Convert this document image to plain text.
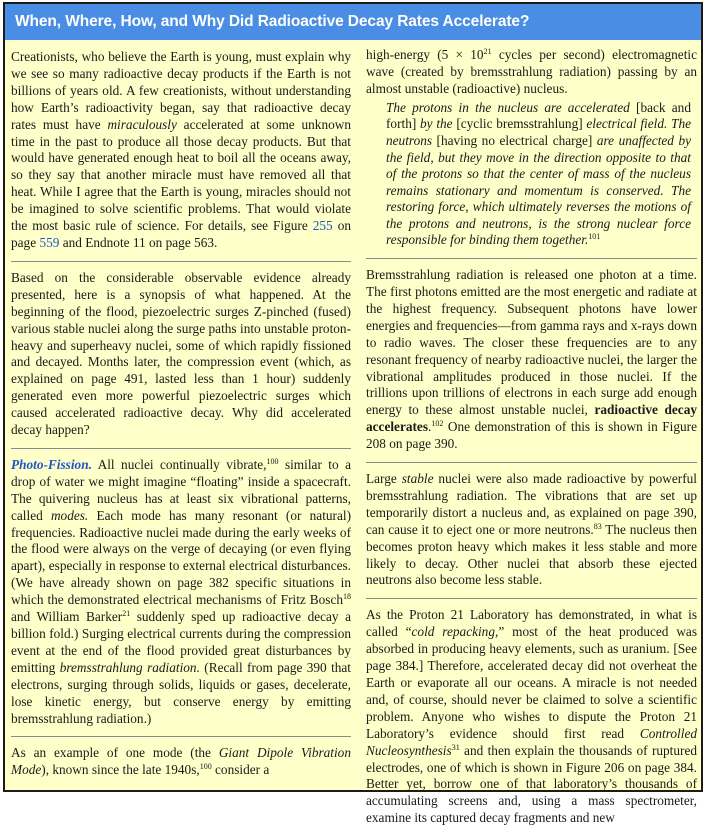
When, Where, How, and Why Did Radioactive Decay Rates Accelerate?

Creationists, who believe the Earth is young, must explain why we see so many radioactive decay products if the Earth is not billions of years old. A few creationists, without understanding how Earth’s radioactivity began, say that radioactive decay rates must have miraculously accelerated at some unknown time in the past to produce all those decay products. But that would have generated enough heat to boil all the oceans away, so they say that another miracle must have removed all that heat. While I agree that the Earth is young, miracles should not be imagined to solve scientific problems. That would violate the most basic rule of science. For details, see Figure 255 on page 559 and Endnote 11 on page 563.

Based on the considerable observable evidence already presented, here is a synopsis of what happened. At the beginning of the flood, piezoelectric surges Z-pinched (fused) various stable nuclei along the surge paths into unstable proton-heavy and superheavy nuclei, some of which rapidly fissioned and decayed. Months later, the compression event (which, as explained on page 491, lasted less than 1 hour) suddenly generated even more powerful piezoelectric surges which caused accelerated radioactive decay. Why did accelerated decay happen?

Photo-Fission. All nuclei continually vibrate,$^{100}$ similar to a drop of water we might imagine “floating” inside a spacecraft. The quivering nucleus has at least six vibrational patterns, called modes. Each mode has many resonant (or natural) frequencies. Radioactive nuclei made during the early weeks of the flood were always on the verge of decaying (or even flying apart), especially in response to external electrical disturbances. (We have already shown on page 382 specific situations in which the demonstrated electrical mechanisms of Fritz Bosch$^{18}$ and William Barker$^{21}$ suddenly sped up radioactive decay a billion fold.) Surging electrical currents during the compression event at the end of the flood provided great disturbances by emitting bremsstrahlung radiation. (Recall from page 390 that electrons, surging through solids, liquids or gases, decelerate, lose kinetic energy, but conserve energy by emitting bremsstrahlung radiation.)

As an example of one mode (the Giant Dipole Vibration Mode), known since the late 1940s,$^{100}$ consider a

high-energy ($5 \times 10^{21}$ cycles per second) electromagnetic wave (created by bremsstrahlung radiation) passing by an almost unstable (radioactive) nucleus.

The protons in the nucleus are accelerated [back and forth] by the [cyclic bremsstrahlung] electrical field. The neutrons [having no electrical charge] are unaffected by the field, but they move in the direction opposite to that of the protons so that the center of mass of the nucleus remains stationary and momentum is conserved. The restoring force, which ultimately reverses the motions of the protons and neutrons, is the strong nuclear force responsible for binding them together.$^{101}$

Bremsstrahlung radiation is released one photon at a time. The first photons emitted are the most energetic and radiate at the highest frequency. Subsequent photons have lower energies and frequencies—from gamma rays and x-rays down to radio waves. The closer these frequencies are to any resonant frequency of nearby radioactive nuclei, the larger the vibrational amplitudes produced in those nuclei. If the trillions upon trillions of electrons in each surge add enough energy to these almost unstable nuclei, radioactive decay accelerates.$^{102}$ One demonstration of this is shown in Figure 208 on page 390.

Large stable nuclei were also made radioactive by powerful bremsstrahlung radiation. The vibrations that are set up temporarily distort a nucleus and, as explained on page 390, can cause it to eject one or more neutrons.$^{83}$ The nucleus then becomes proton heavy which makes it less stable and more likely to decay. Other nuclei that absorb these ejected neutrons also become less stable.

As the Proton 21 Laboratory has demonstrated, in what is called “cold repacking,” most of the heat produced was absorbed in producing heavy elements, such as uranium. [See page 384.] Therefore, accelerated decay did not overheat the Earth or evaporate all our oceans. A miracle is not needed and, of course, should never be claimed to solve a scientific problem. Anyone who wishes to dispute the Proton 21 Laboratory’s evidence should first read Controlled Nucleosynthesis$^{31}$ and then explain the thousands of ruptured electrodes, one of which is shown in Figure 206 on page 384. Better yet, borrow one of that laboratory’s thousands of accumulating screens and, using a mass spectrometer, examine its captured decay fragments and new
